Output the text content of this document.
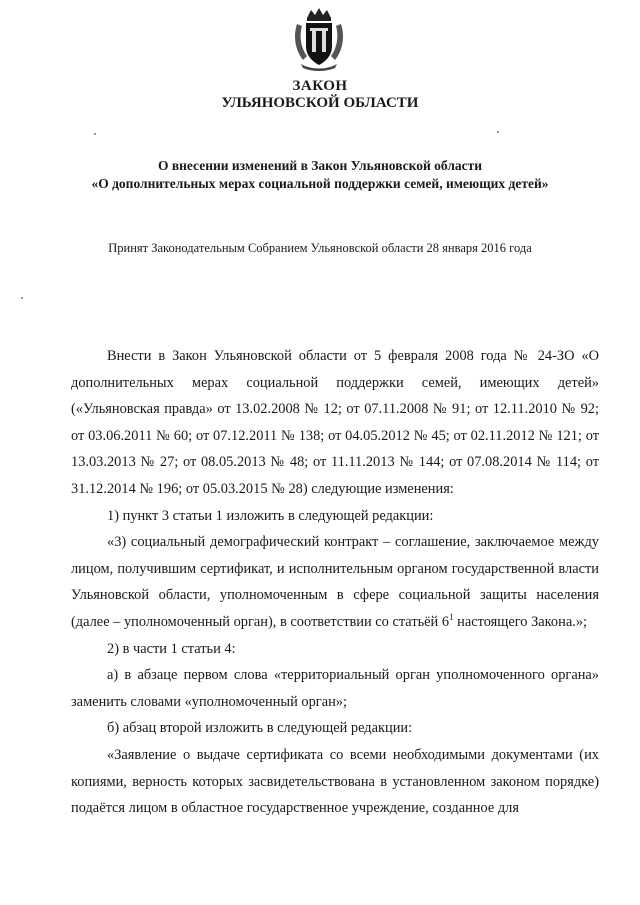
ЗАКОН
УЛЬЯНОВСКОЙ ОБЛАСТИ
О внесении изменений в Закон Ульяновской области
«О дополнительных мерах социальной поддержки семей, имеющих детей»
Принят Законодательным Собранием Ульяновской области 28 января 2016 года

Внести в Закон Ульяновской области от 5 февраля 2008 года № 24-ЗО «О дополнительных мерах социальной поддержки семей, имеющих детей» («Ульяновская правда» от 13.02.2008 № 12; от 07.11.2008 № 91; от 12.11.2010 № 92; от 03.06.2011 № 60; от 07.12.2011 № 138; от 04.05.2012 № 45; от 02.11.2012 № 121; от 13.03.2013 № 27; от 08.05.2013 № 48; от 11.11.2013 № 144; от 07.08.2014 № 114; от 31.12.2014 № 196; от 05.03.2015 № 28) следующие изменения:

1) пункт 3 статьи 1 изложить в следующей редакции:

«3) социальный демографический контракт – соглашение, заключаемое между лицом, получившим сертификат, и исполнительным органом государственной власти Ульяновской области, уполномоченным в сфере социальной защиты населения (далее – уполномоченный орган), в соответствии со статьёй $6^1$ настоящего Закона.»;

2) в части 1 статьи 4:

а) в абзаце первом слова «территориальный орган уполномоченного органа» заменить словами «уполномоченный орган»;

б) абзац второй изложить в следующей редакции:

«Заявление о выдаче сертификата со всеми необходимыми документами (их копиями, верность которых засвидетельствована в установленном законом порядке) подаётся лицом в областное государственное учреждение, созданное для
